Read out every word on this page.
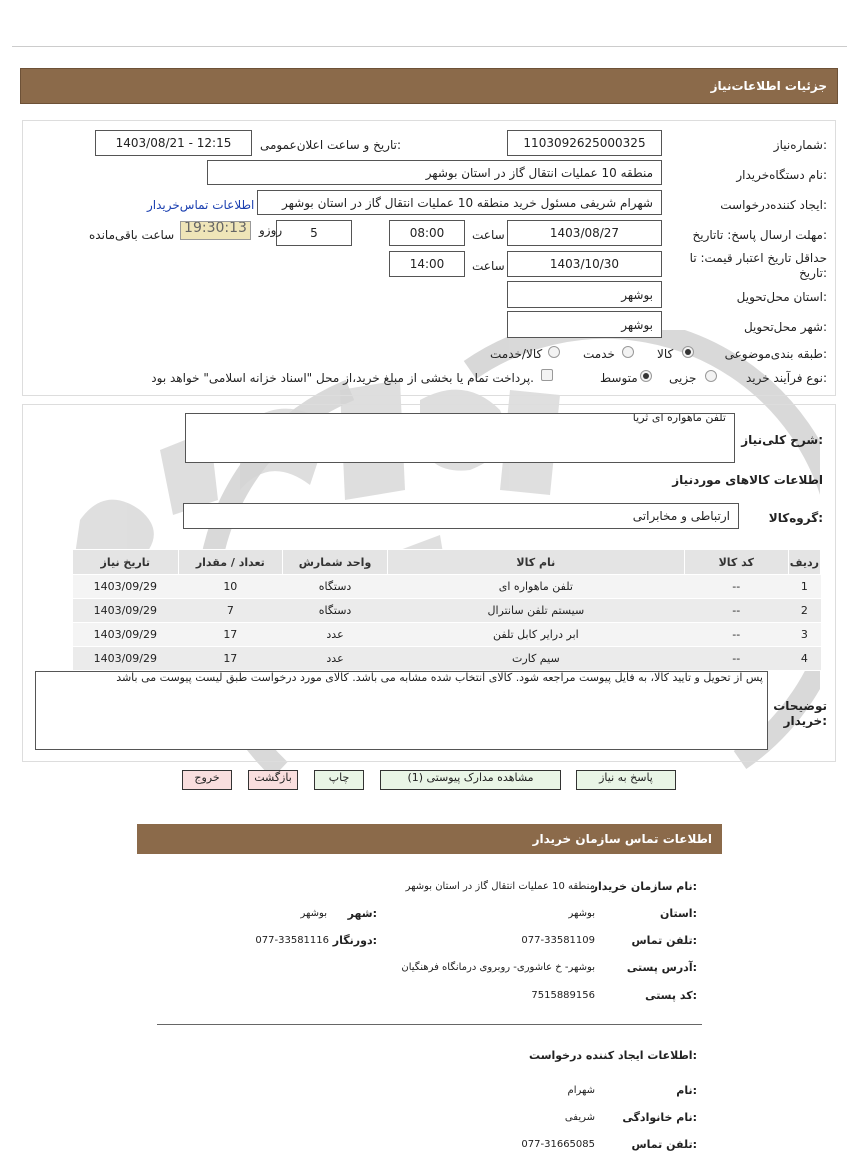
جزئیات اطلاعات‌نیاز
شماره‌نیاز:
1103092625000325
تاریخ و ساعت اعلان‌عمومی:
1403/08/21 - 12:15
نام دستگاه‌خریدار:
منطقه 10 عملیات انتقال گاز در استان بوشهر
ایجاد کننده‌درخواست:
شهرام شریفی مسئول خرید منطقه 10 عملیات انتقال گاز در استان بوشهر
اطلاعات تماس‌خریدار
مهلت ارسال پاسخ: تاتاریخ:
1403/08/27
ساعت
08:00
5
روزو
19:30:13
ساعت باقی‌مانده
حداقل تاریخ اعتبار قیمت: تا
تاریخ:
1403/10/30
ساعت
14:00
استان محل‌تحویل:
بوشهر
شهر محل‌تحویل:
بوشهر
طبقه بندی‌موضوعی:
کالا
خدمت
کالا/خدمت
نوع فرآیند خرید:
جزیی
متوسط
پرداخت تمام یا بخشی از مبلغ خرید،از محل "اسناد خزانه اسلامی" خواهد بود.
شرح کلی‌نیاز:
تلفن ماهواره ای ثریا
اطلاعات کالاهای موردنیاز
گروه‌کالا:
ارتباطی و مخابراتی
ردیف	کد کالا	نام کالا	واحد شمارش	تعداد / مقدار	تاریخ نیاز
1	--	تلفن ماهواره ای	دستگاه	10	1403/09/29
2	--	سیستم تلفن سانترال	دستگاه	7	1403/09/29
3	--	ابر درایر کابل تلفن	عدد	17	1403/09/29
4	--	سیم کارت	عدد	17	1403/09/29
توضیحات
خریدار:
پس از تحویل و تایید کالا، به فایل پیوست مراجعه شود. کالای انتخاب شده مشابه می باشد. کالای مورد درخواست طبق لیست پیوست می باشد
پاسخ به نیاز
مشاهده مدارک پیوستی (1)
چاپ
بازگشت
خروج
اطلاعات تماس سازمان خریدار
نام سازمان خریدار:
منطقه 10 عملیات انتقال گاز در استان بوشهر
استان:
بوشهر
شهر:
بوشهر
تلفن تماس:
077-33581109
دورنگار:
077-33581116
آدرس پستی:
بوشهر- خ عاشوری- روبروی درمانگاه فرهنگیان
کد پستی:
7515889156
اطلاعات ایجاد کننده درخواست:
نام:
شهرام
نام خانوادگی:
شریفی
تلفن تماس:
077-31665085
